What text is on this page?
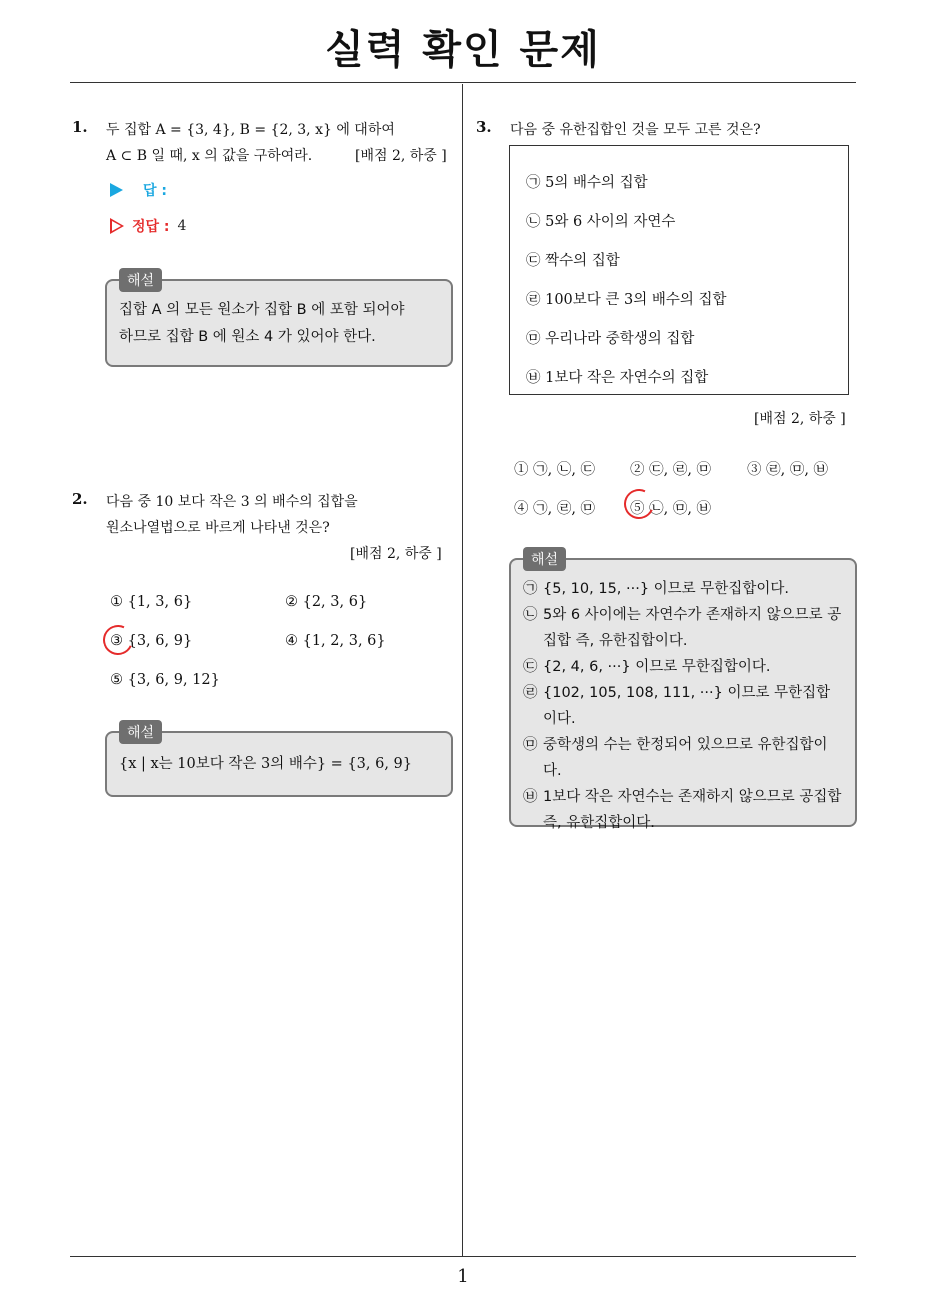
실력 확인 문제
1. 두 집합 A = {3, 4}, B = {2, 3, x} 에 대하여
A ⊂ B 일 때, x 의 값을 구하여라.	[배점 2, 하중 ]
답 :
정답 : 4
집합 A 의 모든 원소가 집합 B 에 포함 되어야
하므로 집합 B 에 원소 4 가 있어야 한다.
해설
2. 다음 중 10 보다 작은 3 의 배수의 집합을
원소나열법으로 바르게 나타낸 것은?
[배점 2, 하중 ]
① {1, 3, 6}	② {2, 3, 6}
③ {3, 6, 9}	④ {1, 2, 3, 6}
⑤ {3, 6, 9, 12}
{x | x는 10보다 작은 3의 배수} = {3, 6, 9}
해설
3. 다음 중 유한집합인 것을 모두 고른 것은?
㉠ 5의 배수의 집합
㉡ 5와 6 사이의 자연수
㉢ 짝수의 집합
㉣ 100보다 큰 3의 배수의 집합
㉤ 우리나라 중학생의 집합
㉥ 1보다 작은 자연수의 집합
[배점 2, 하중 ]
① ㉠, ㉡, ㉢ ② ㉢, ㉣, ㉤ ③ ㉣, ㉤, ㉥
④ ㉠, ㉣, ㉤ ⑤ ㉡, ㉤, ㉥
㉠ {5, 10, 15, ···} 이므로 무한집합이다.
㉡ 5와 6 사이에는 자연수가 존재하지 않으므로 공집합 즉, 유한집합이다.
㉢ {2, 4, 6, ···} 이므로 무한집합이다.
㉣ {102, 105, 108, 111, ···} 이므로 무한집합이다.
㉤ 중학생의 수는 한정되어 있으므로 유한집합이다.
㉥ 1보다 작은 자연수는 존재하지 않으므로 공집합 즉, 유한집합이다.
해설
1
